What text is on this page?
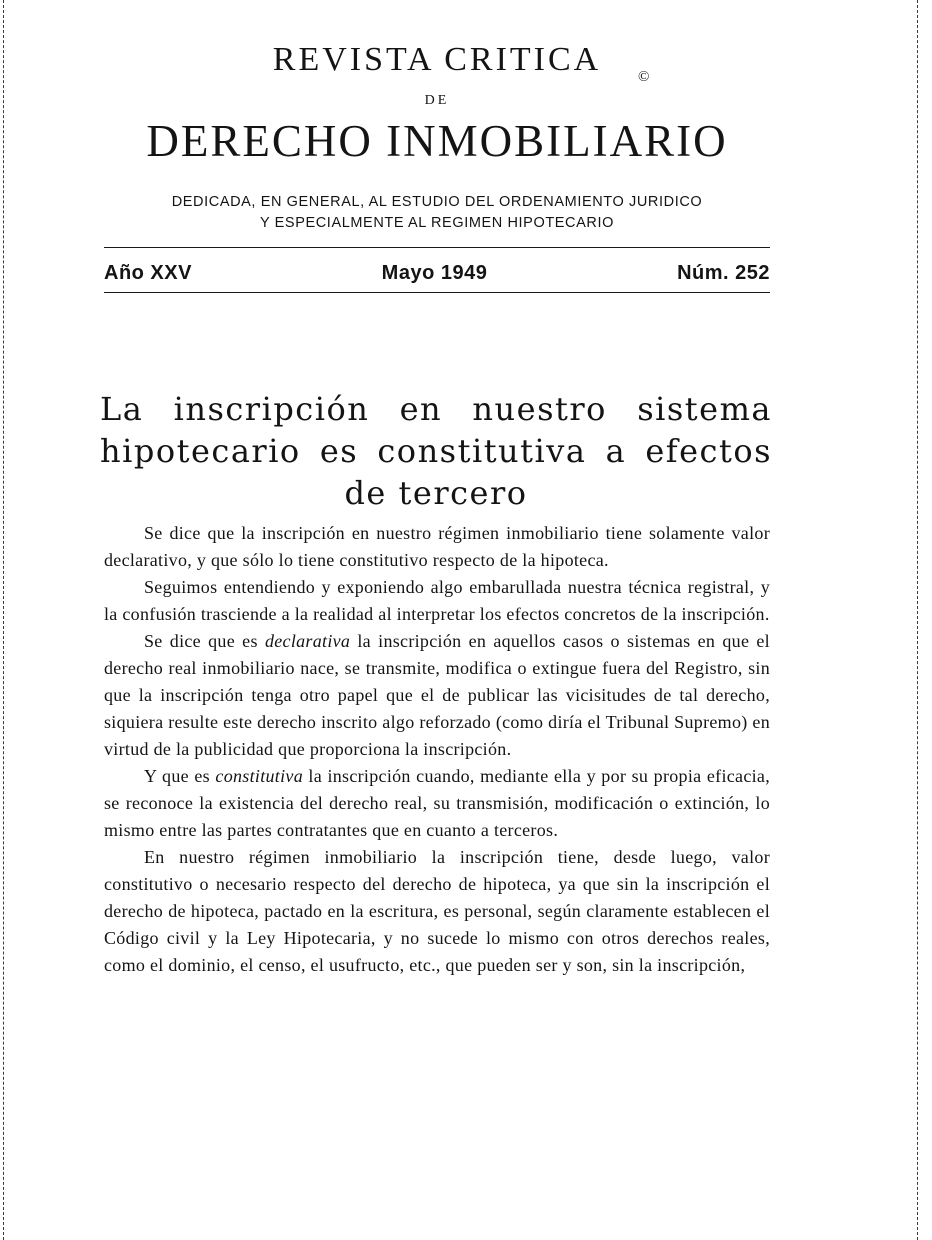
REVISTA CRITICA ©
DE
DERECHO INMOBILIARIO
DEDICADA, EN GENERAL, AL ESTUDIO DEL ORDENAMIENTO JURIDICO
Y ESPECIALMENTE AL REGIMEN HIPOTECARIO
Año XXV	Mayo 1949	Núm. 252
La inscripción en nuestro sistema
hipotecario es constitutiva a efectos
de tercero

Se dice que la inscripción en nuestro régimen inmobiliario tiene solamente valor declarativo, y que sólo lo tiene constitutivo respecto de la hipoteca.

Seguimos entendiendo y exponiendo algo embarullada nuestra técnica registral, y la confusión trasciende a la realidad al interpretar los efectos concretos de la inscripción.

Se dice que es declarativa la inscripción en aquellos casos o sistemas en que el derecho real inmobiliario nace, se transmite, modifica o extingue fuera del Registro, sin que la inscripción tenga otro papel que el de publicar las vicisitudes de tal derecho, siquiera resulte este derecho inscrito algo reforzado (como diría el Tribunal Supremo) en virtud de la publicidad que proporciona la inscripción.

Y que es constitutiva la inscripción cuando, mediante ella y por su propia eficacia, se reconoce la existencia del derecho real, su transmisión, modificación o extinción, lo mismo entre las partes contratantes que en cuanto a terceros.

En nuestro régimen inmobiliario la inscripción tiene, desde luego, valor constitutivo o necesario respecto del derecho de hipoteca, ya que sin la inscripción el derecho de hipoteca, pactado en la escritura, es personal, según claramente establecen el Código civil y la Ley Hipotecaria, y no sucede lo mismo con otros derechos reales, como el dominio, el censo, el usufructo, etc., que pueden ser y son, sin la inscripción,
